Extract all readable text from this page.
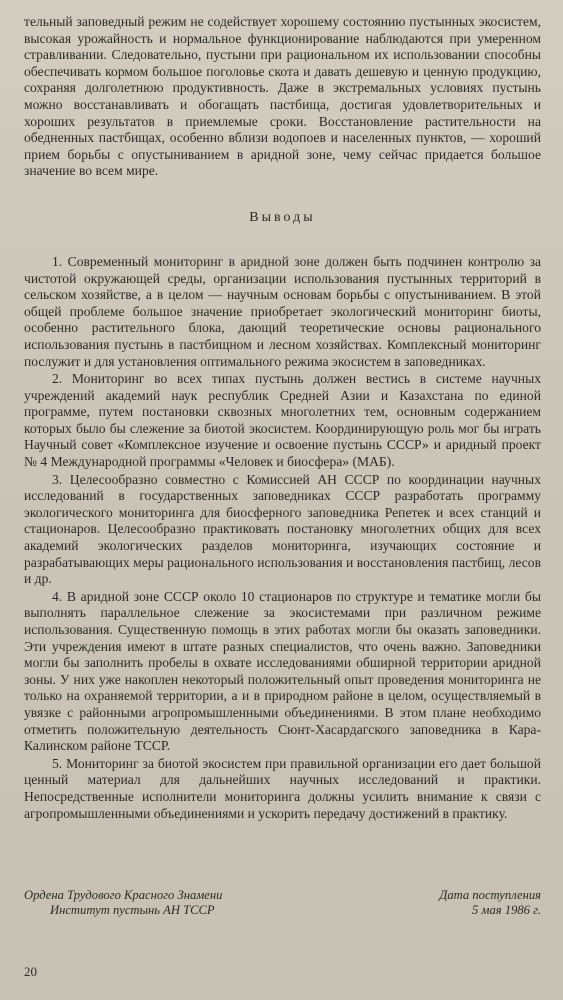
тельный заповедный режим не содействует хорошему состоянию пустынных экосистем, высокая урожайность и нормальное функционирование наблюдаются при умеренном стравливании. Следовательно, пустыни при рациональном их использовании способны обеспечивать кормом большое поголовье скота и давать дешевую и ценную продукцию, сохраняя долголетнюю продуктивность. Даже в экстремальных условиях пустынь можно восстанавливать и обогащать пастбища, достигая удовлетворительных и хороших результатов в приемлемые сроки. Восстановление растительности на обедненных пастбищах, особенно вблизи водопоев и населенных пунктов, — хороший прием борьбы с опустыниванием в аридной зоне, чему сейчас придается большое значение во всем мире.

Выводы

1. Современный мониторинг в аридной зоне должен быть подчинен контролю за чистотой окружающей среды, организации использования пустынных территорий в сельском хозяйстве, а в целом — научным основам борьбы с опустыниванием. В этой общей проблеме большое значение приобретает экологический мониторинг биоты, особенно растительного блока, дающий теоретические основы рационального использования пустынь в пастбищном и лесном хозяйствах. Комплексный мониторинг послужит и для установления оптимального режима экосистем в заповедниках.

2. Мониторинг во всех типах пустынь должен вестись в системе научных учреждений академий наук республик Средней Азии и Казахстана по единой программе, путем постановки сквозных многолетних тем, основным содержанием которых было бы слежение за биотой экосистем. Координирующую роль мог бы играть Научный совет «Комплексное изучение и освоение пустынь СССР» и аридный проект № 4 Международной программы «Человек и биосфера» (МАБ).

3. Целесообразно совместно с Комиссией АН СССР по координации научных исследований в государственных заповедниках СССР разработать программу экологического мониторинга для биосферного заповедника Репетек и всех станций и стационаров. Целесообразно практиковать постановку многолетних общих для всех академий экологических разделов мониторинга, изучающих состояние и разрабатывающих меры рационального использования и восстановления пастбищ, лесов и др.

4. В аридной зоне СССР около 10 стационаров по структуре и тематике могли бы выполнять параллельное слежение за экосистемами при различном режиме использования. Существенную помощь в этих работах могли бы оказать заповедники. Эти учреждения имеют в штате разных специалистов, что очень важно. Заповедники могли бы заполнить пробелы в охвате исследованиями обширной территории аридной зоны. У них уже накоплен некоторый положительный опыт проведения мониторинга не только на охраняемой территории, а и в природном районе в целом, осуществляемый в увязке с районными агропромышленными объединениями. В этом плане необходимо отметить положительную деятельность Сюнт-Хасардагского заповедника в Кара-Калинском районе ТССР.

5. Мониторинг за биотой экосистем при правильной организации его дает большой ценный материал для дальнейших научных исследований и практики. Непосредственные исполнители мониторинга должны усилить внимание к связи с агропромышленными объединениями и ускорить передачу достижений в практику.

Ордена Трудового Красного Знамени
Институт пустынь АН ТССР
Дата поступления
5 мая 1986 г.
20
